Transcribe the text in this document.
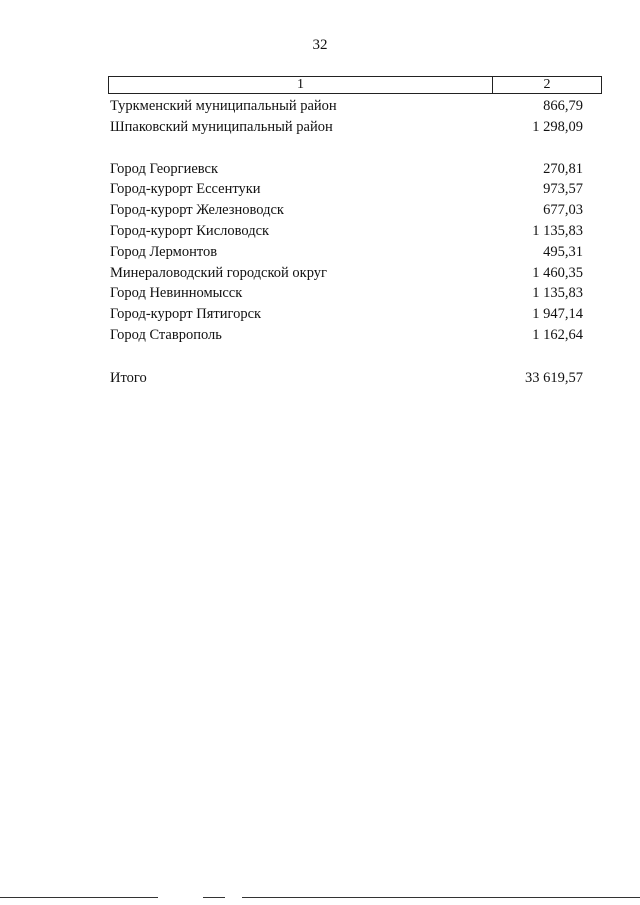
32
1	2
Туркменский муниципальный район	866,79
Шпаковский муниципальный район	1 298,09
Город Георгиевск	270,81
Город-курорт Ессентуки	973,57
Город-курорт Железноводск	677,03
Город-курорт Кисловодск	1 135,83
Город Лермонтов	495,31
Минераловодский городской округ	1 460,35
Город Невинномысск	1 135,83
Город-курорт Пятигорск	1 947,14
Город Ставрополь	1 162,64
Итого	33 619,57
